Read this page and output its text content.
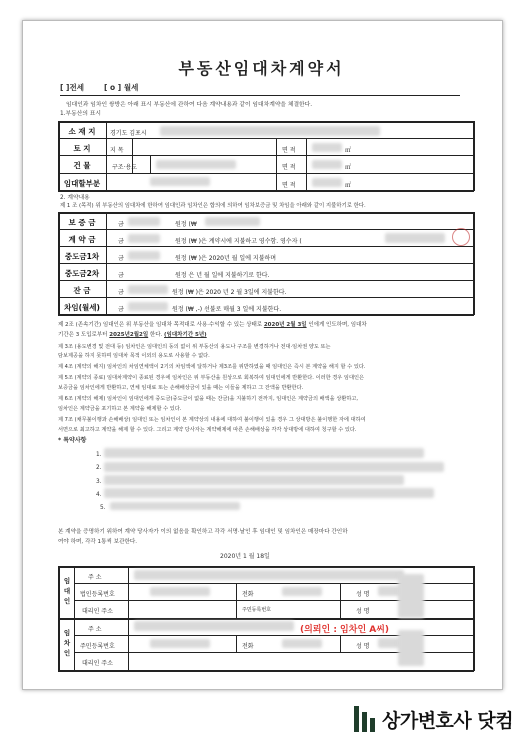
부동산임대차계약서
[ ]전세	[ o ] 월세
임대인과 임차인 쌍방은 아래 표시 부동산에 관하여 다음 계약내용과 같이 임대차계약을 체결한다.
1.부동산의 표시
소 재 지	경기도 김포시
토 지	지 목	면 적	㎡
건 물	구조·용도	면 적	㎡
임대할부분	면 적	㎡
2. 계약내용
제 1 조 (목적) 위 부동산의 임대차에 한하여 임대인과 임차인은 합의에 의하여 임차보증금 및 차임을 아래와 같이 지불하기로 한다.
보 증 금	금	원정 (₩
계 약 금	금	원정 (₩ )은 계약시에 지불하고 영수함. 영수자 (
중도금1차	금	원정 (₩ )은 2020년 월 일에 지불하며
중도금2차	금	원정 은 년 월 일에 지불하기로 한다.
잔 금	금	원정 (₩ )은 2020 년 2 월 3일에 지불한다.
차임(월세)	금	원정 (₩ ,-) 선불로 매월 3 일에 지불한다.
제 2조 (존속기간) 임대인은 위 부동산을 임대차 목적대로 사용·수익할 수 있는 상태로 2020년 2월 3일 인에게 인도하며, 임대차
기간은 3 도입로부터 2025년2월2일 한다. (임대차기간 5년)
제 3조 (용도변경 및 전대 등) 임차인은 임대인의 동의 없이 위 부동산의 용도나 구조를 변경하거나 전대·임차권 양도 또는
담보제공을 하지 못하며 임대차 목적 이외의 용도로 사용할 수 없다.
제 4조 (계약의 해지) 임차인의 차임연체액이 2기의 차임액에 달하거나 제3조를 위반하였을 때 임대인은 즉시 본 계약을 해지 할 수 있다.
제 5조 (계약의 종료) 임대차계약이 종료된 경우에 임차인은 위 부동산을 원상으로 회복하여 임대인에게 반환한다. 이러한 경우 임대인은
보증금을 임차인에게 반환하고, 연체 임대료 또는 손해배상금이 있을 때는 이들을 제하고 그 잔액을 반환한다.
제 6조 (계약의 해제) 임차인이 임대인에게 중도금(중도금이 없을 때는 잔금)을 지불하기 전까지, 임대인은 계약금의 배액을 상환하고,
임차인은 계약금을 포기하고 본 계약을 해제할 수 있다.
제 7조 (채무불이행과 손해배상) 임대인 또는 임차인이 본 계약상의 내용에 대하여 불이행이 있을 경우 그 상대방은 불이행한 자에 대하여
서면으로 최고하고 계약을 해제 할 수 있다. 그리고 계약 당사자는 계약해제에 따른 손해배상을 각각 상대방에 대하여 청구할 수 있다.
* 특약사항
1.
2.
3.
4.
5.
본 계약을 증명하기 위하여 계약 당사자가 이의 없음을 확인하고 각각 서명·날인 후 임대인 및 임차인은 매장마다 간인하
여야 하며, 각각 1통씩 보관한다.
2020년 1 월 18일
임대인
임차인
주 소
법인등록번호	전화	성 명
대리인 주소	주민등록번호	성 명
주 소	(의뢰인 : 임차인 A씨)
주민등록번호	전화	성 명
대리인 주소
상가변호사 닷컴
